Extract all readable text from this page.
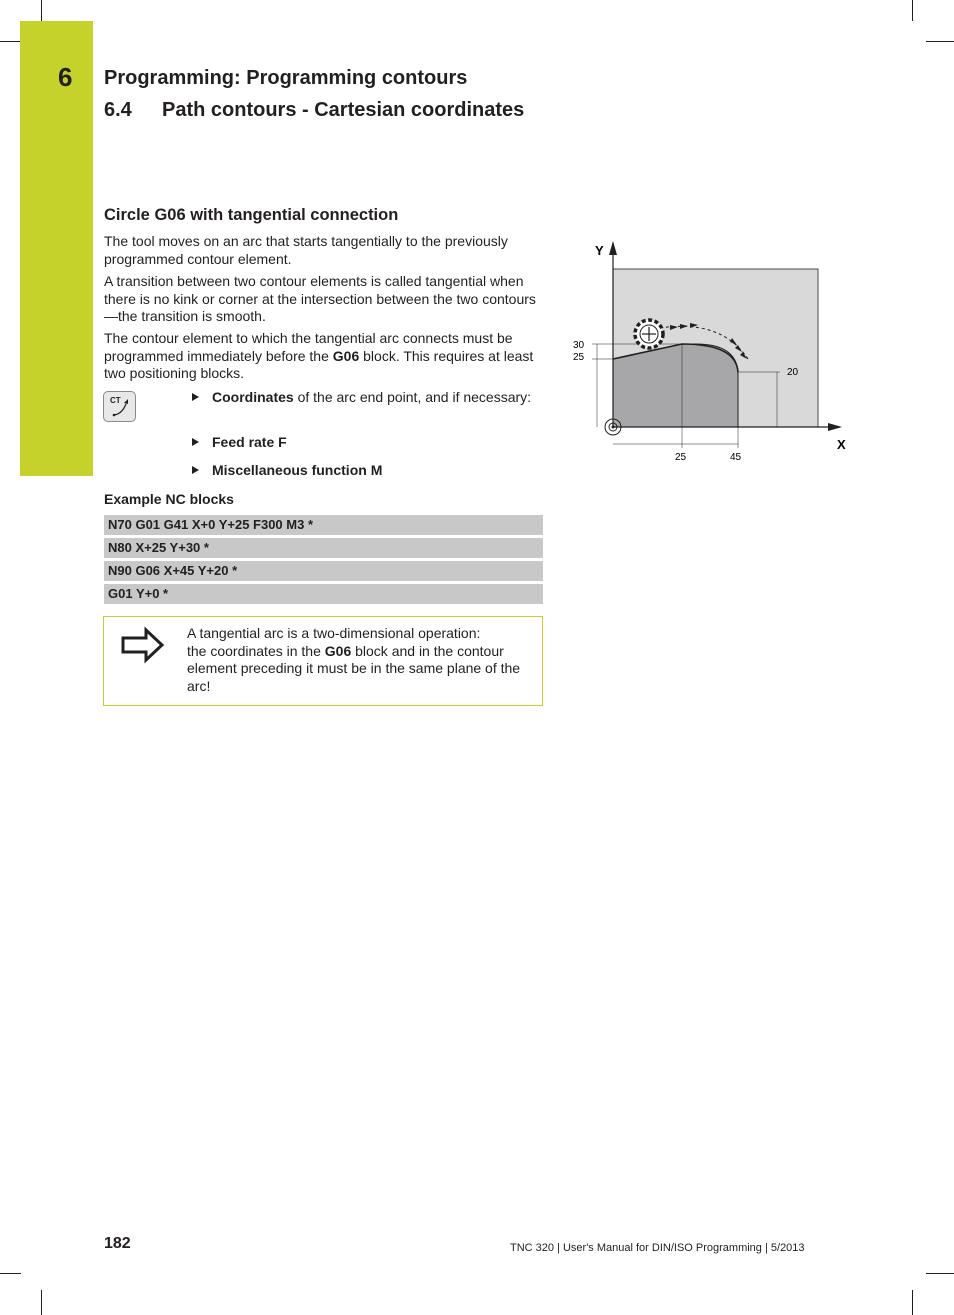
6 Programming: Programming contours
6.4 Path contours - Cartesian coordinates
Circle G06 with tangential connection

The tool moves on an arc that starts tangentially to the previously programmed contour element.

A transition between two contour elements is called tangential when there is no kink or corner at the intersection between the two contours—the transition is smooth.

The contour element to which the tangential arc connects must be programmed immediately before the G06 block. This requires at least two positioning blocks.

CT	Coordinates of the arc end point, and if necessary:
Feed rate F
Miscellaneous function M
Example NC blocks
N70 G01 G41 X+0 Y+25 F300 M3 *
N80 X+25 Y+30 *
N90 G06 X+45 Y+20 *
G01 Y+0 *
A tangential arc is a two-dimensional operation:
the coordinates in the G06 block and in the contour element preceding it must be in the same plane of the arc!
Y
X
30
25
20
25	45
182	TNC 320 | User's Manual for DIN/ISO Programming | 5/2013
